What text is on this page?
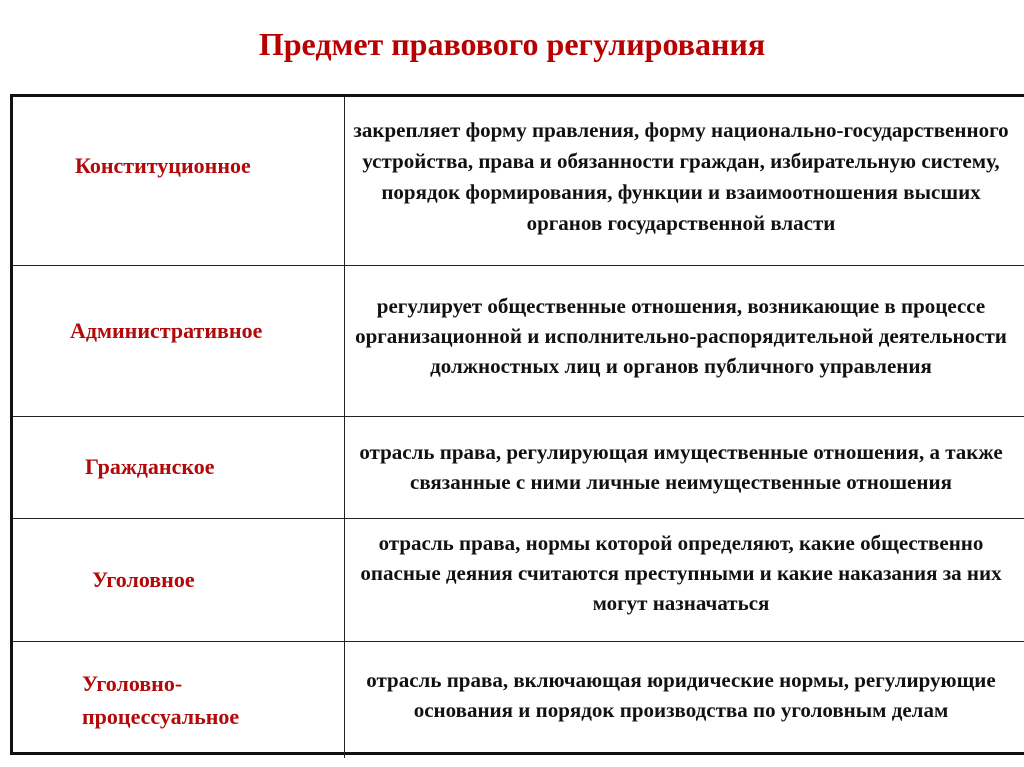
Предмет правового регулирования
Конституционное	закрепляет форму правления, форму национально-государственного устройства, права и обязанности граждан, избирательную систему, порядок формирования, функции и взаимоотношения высших органов государственной власти

Административное	регулирует общественные отношения, возникающие в процессе организационной и исполнительно-распорядительной деятельности должностных лиц и органов публичного управления

Гражданское	отрасль права, регулирующая имущественные отношения, а также связанные с ними личные неимущественные отношения

Уголовное	отрасль права, нормы которой определяют, какие общественно опасные деяния считаются преступными и какие наказания за них могут назначаться

Уголовно-
процессуальное	отрасль права, включающая юридические нормы, регулирующие основания и порядок производства по уголовным делам
